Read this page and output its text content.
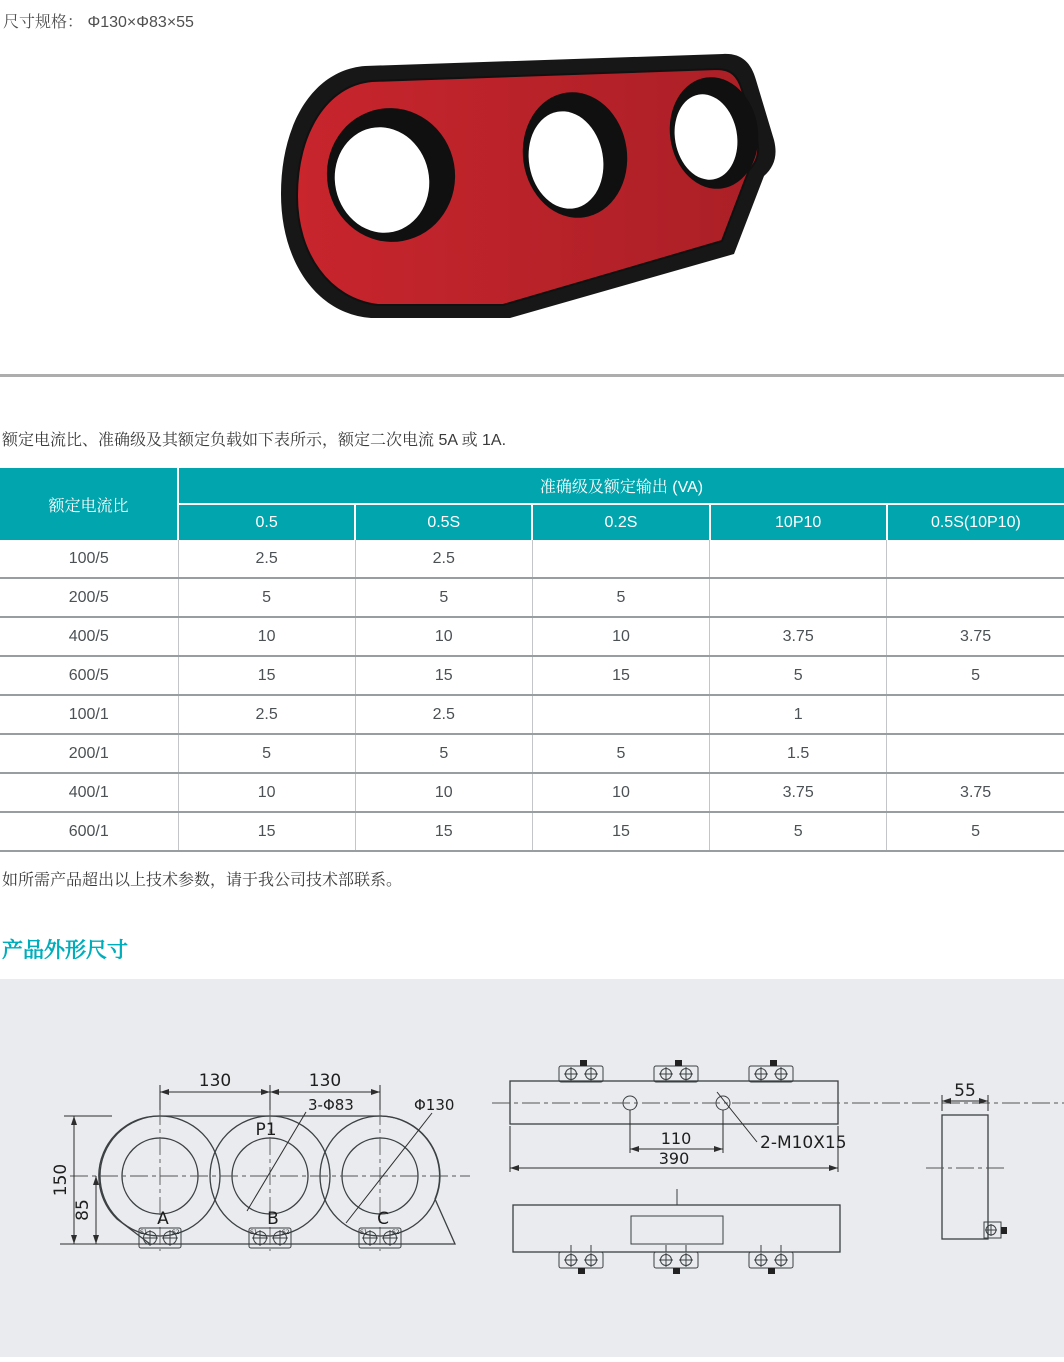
尺寸规格： Φ130×Φ83×55
额定电流比、准确级及其额定负载如下表所示，额定二次电流 5A 或 1A.
额定电流比	准确级及额定输出 (VA)				
	0.5	0.5S	0.2S	10P10	0.5S(10P10)
100/5	2.5	2.5			
200/5	5	5	5		
400/5	10	10	10	3.75	3.75
600/5	15	15	15	5	5
100/1	2.5	2.5		1	
200/1	5	5	5	1.5	
400/1	10	10	10	3.75	3.75
600/1	15	15	15	5	5
如所需产品超出以上技术参数，请于我公司技术部联系。
产品外形尺寸
130	130
P1
3-Φ83	Φ130
150
85	A	B	C
S1	S2	S1	S2	S1	S2
110
390
2-M10X15
55
